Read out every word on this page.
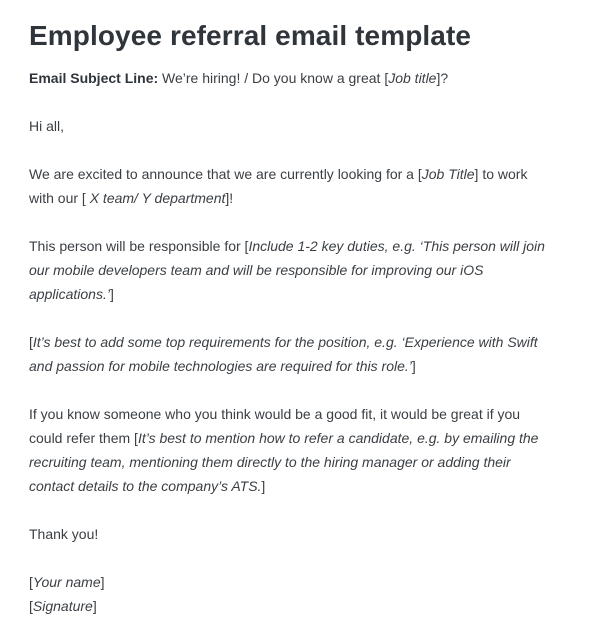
Employee referral email template

Email Subject Line: We’re hiring! / Do you know a great [Job title]?

Hi all,

We are excited to announce that we are currently looking for a [Job Title] to work

with our [ X team/ Y department]!

This person will be responsible for [Include 1-2 key duties, e.g. ‘This person will join

our mobile developers team and will be responsible for improving our iOS

applications.’]

[It’s best to add some top requirements for the position, e.g. ‘Experience with Swift

and passion for mobile technologies are required for this role.’]

If you know someone who you think would be a good fit, it would be great if you

could refer them [It’s best to mention how to refer a candidate, e.g. by emailing the

recruiting team, mentioning them directly to the hiring manager or adding their

contact details to the company’s ATS.]

Thank you!

[Your name]

[Signature]
